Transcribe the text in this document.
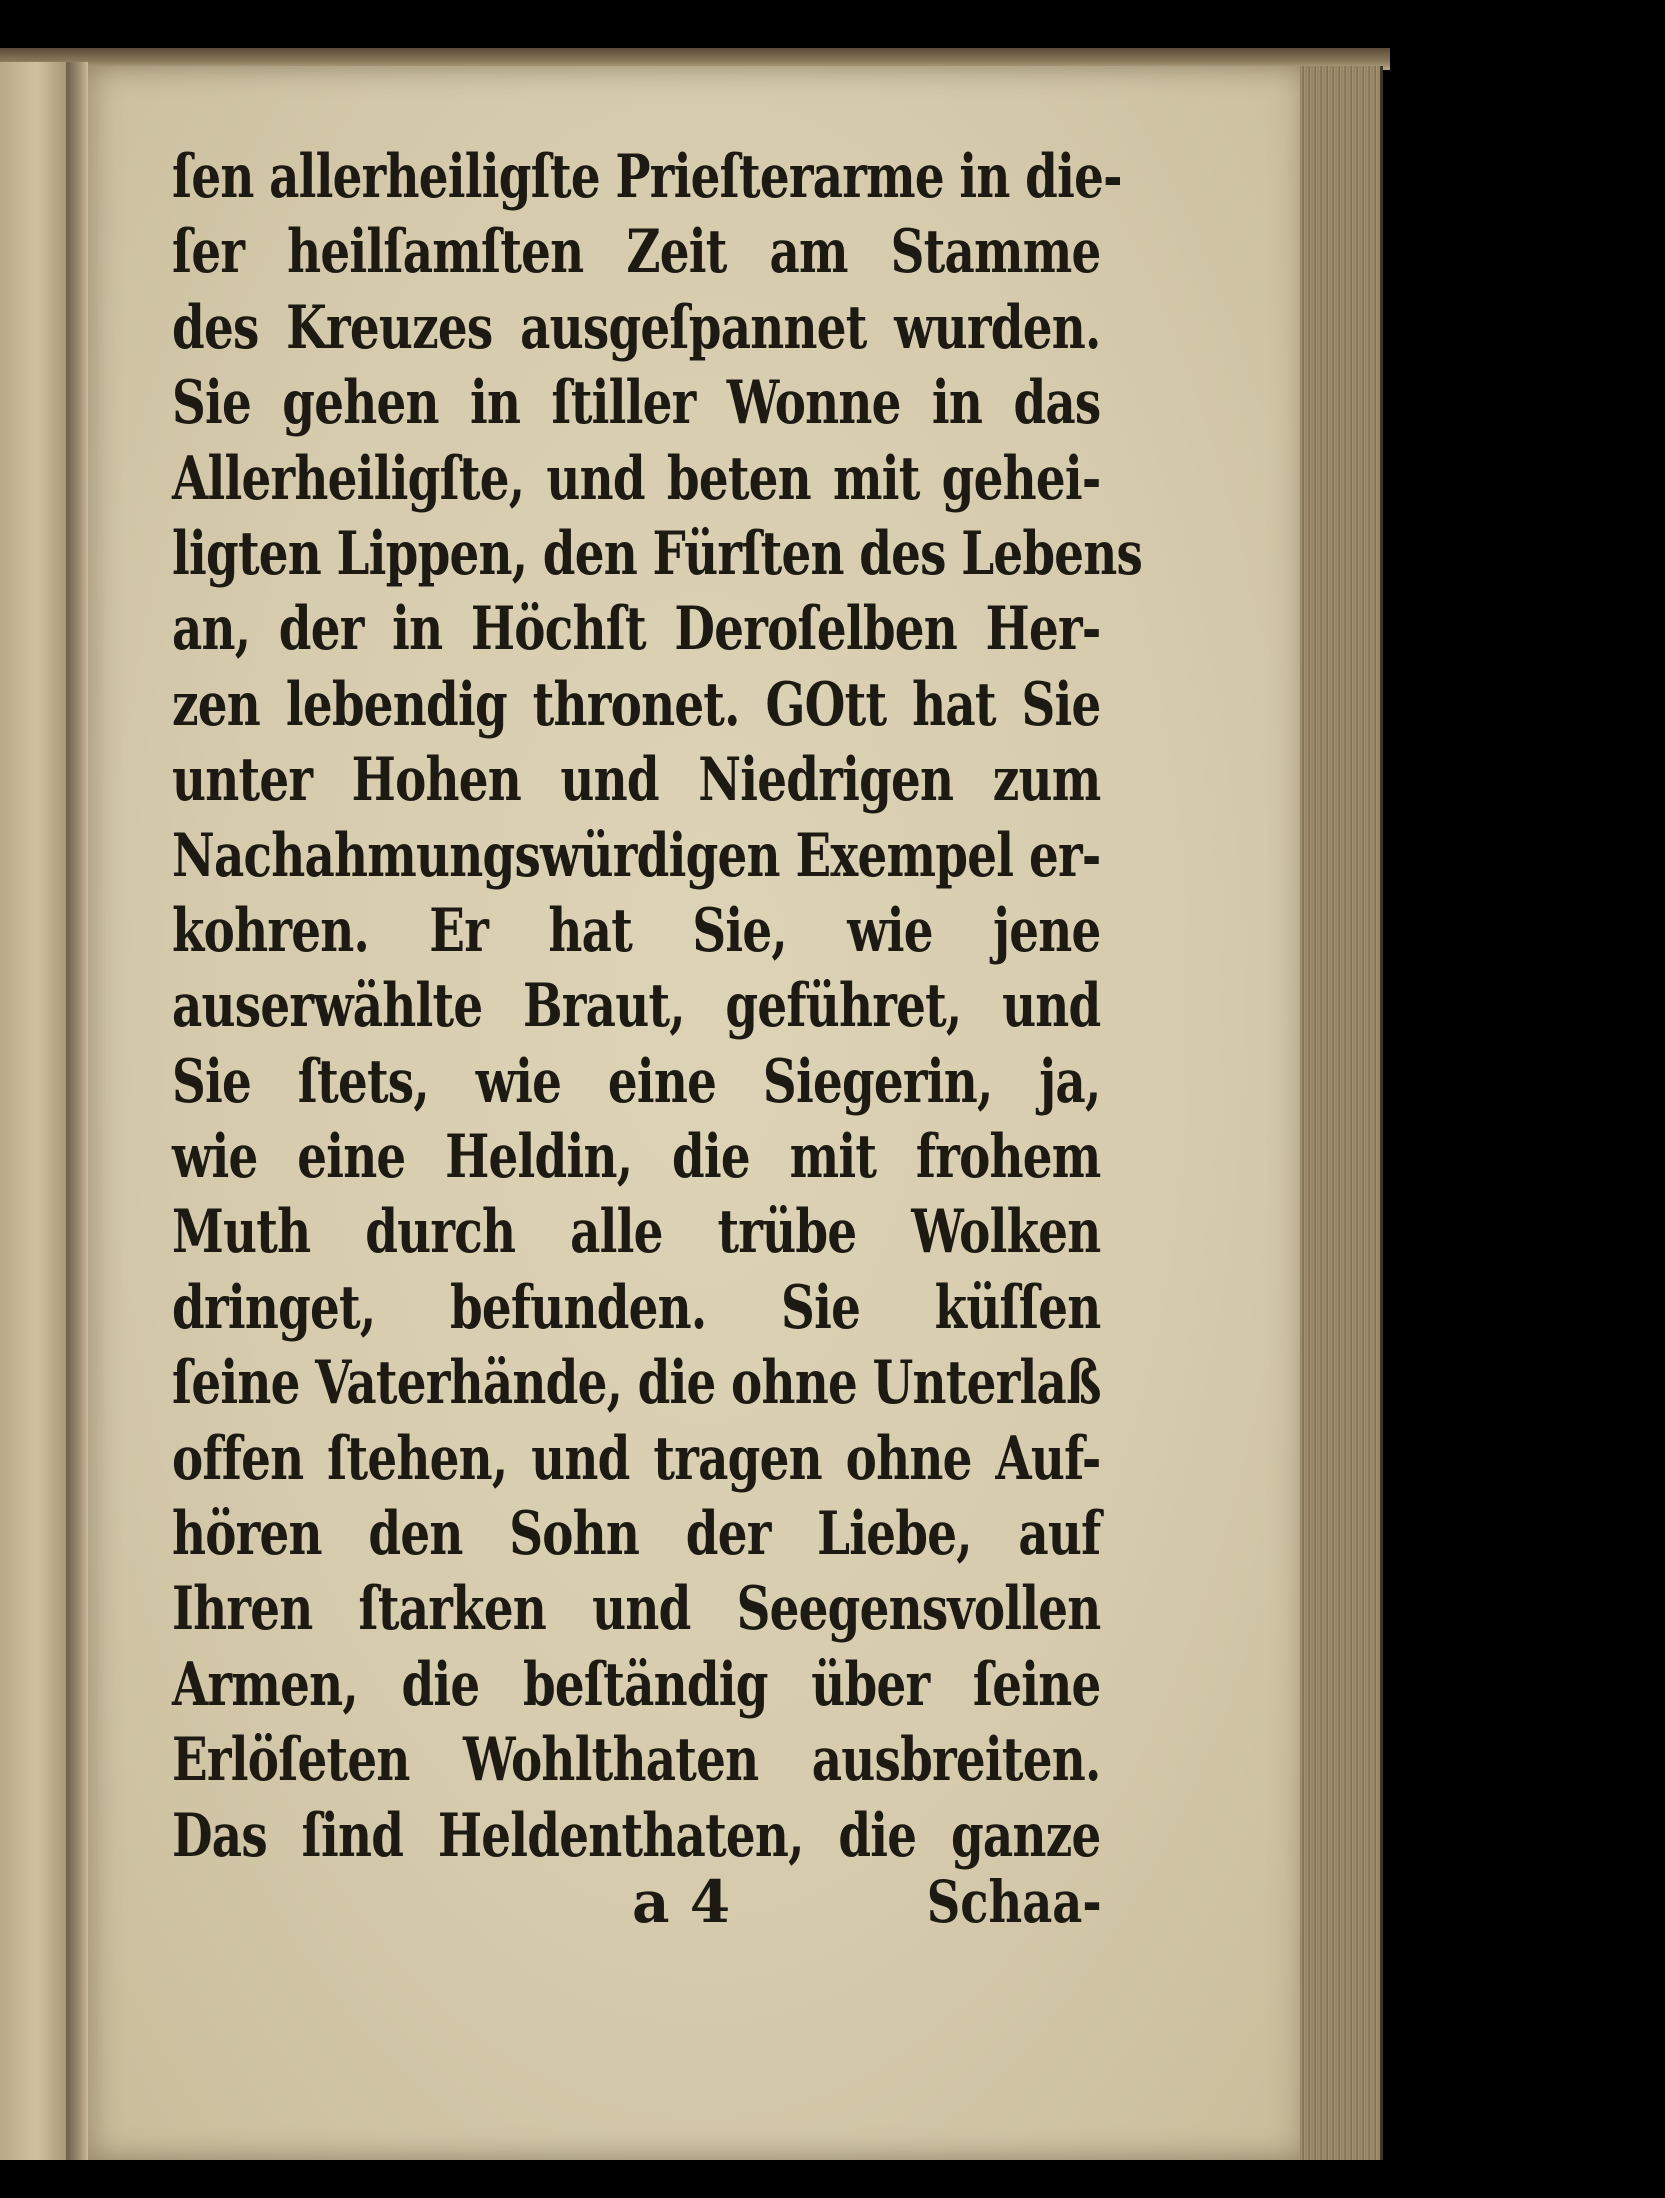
ſen allerheiligſte Prieſterarme in die-
ſer heilſamſten Zeit am Stamme
des Kreuzes ausgeſpannet wurden.
Sie gehen in ſtiller Wonne in das
Allerheiligſte, und beten mit gehei-
ligten Lippen, den Fürſten des Lebens
an, der in Höchſt Deroſelben Her-
zen lebendig thronet. GOtt hat Sie
unter Hohen und Niedrigen zum
Nachahmungswürdigen Exempel er-
kohren. Er hat Sie, wie jene
auserwählte Braut, geführet, und
Sie ſtets, wie eine Siegerin, ja,
wie eine Heldin, die mit frohem
Muth durch alle trübe Wolken
dringet, befunden. Sie küſſen
ſeine Vaterhände, die ohne Unterlaß
offen ſtehen, und tragen ohne Auf-
hören den Sohn der Liebe, auf
Ihren ſtarken und Seegensvollen
Armen, die beſtändig über ſeine
Erlöſeten Wohlthaten ausbreiten.
Das ſind Heldenthaten, die ganze
a 4	Schaa-
